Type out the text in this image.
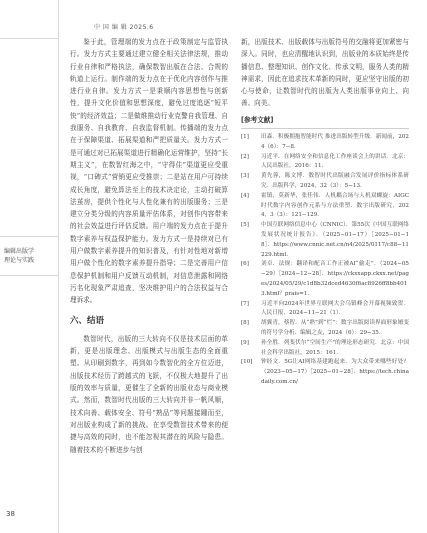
编辑出版学
理论与实践
38
中 国 编 辑 2025.6

鉴于此，管理端的发力点在于政策制定与监管执行。发力方式主要通过建立健全相关法律法规，推动行业自律和严格执法，确保数智出版在合法、合规的轨道上运行。制作端的发力点在于优化内容创作与推进行业自律。发力方式一是秉顺内容思想性与创新性，提升文化价值和思想深度，避免过度追逐“短平快”的经济效益；二是做维推动行业克警自我管理、自我服务、自我教育、自我监督机制。传播端的发力点在于保障渠道、拓展渠道和严把质量关。发力方式一是可通过对已拓展渠道进行精确化运营维护，坚持“长期主义”，在数智红海之中，“守得住”渠道更应受重视，“口碑式”营销更应受推崇；二是站在用户可持续成长角度，避免算法至上的技术决定论，主动打破算法茧房，提供个性化与人性化兼有的出版服务；三是建立分类分级的内容质量评估体系，对创作内容带来的社会效益进行评估反馈。用户端的发力点在于提升数字素养与权益保护能力。发力方式一是持续对已有用户做数字素养提升的知识普及，有针对性地对新增用户做个性化的数字素养提升指导；二是完善用户信息保护机制和用户反馈互动机制，对信息泄露和网络污名化现象严肃追查，坚决维护用户的合法权益与合理诉求。

六、结语

数智时代，出版的三大转向不仅是技术层面的革新，更是出版理念、出版模式与出版生态的全面重塑。从印刷到数字，再到如今数智化的全方位迈进，出版技术经历了跨越式的飞跃，不仅极大地提升了出版的效率与质量，更催生了全新的出版业态与商业模式。然而，数智时代出版的三大转向并非一帆风顺，技术向善、载体安全、符号“熟品”等问题接踵而至，对出版业构成了新的挑战。在享受数智技术带来的便捷与高效的同时，也不能忽视其潜在的风险与隐患。随着技术的不断进步与创

新，出版技术、出版载体与出版符号的交融将更加紧密与深入。同时，也应清醒地认识到，出版业的本质始终是传播信息、整理知识、创作文化、传承文明，服务人类的精神需求，因此在追求技术革新的同时，更应坚守出版的初心与使命，让数智时代的出版为人类出版事业向上、向善、向美。

[参考文献]
[1]	田森．积极拥抱智能时代 推进出版转型升级．新闻前，2024（6）：7−8．
[2]	习近平．在网络安全和信息化工作座谈会上的讲话．北京：人民出版社，2016：11．
[3]	黄先蓉，陈文博．数智时代出版融合发展评价指标体系研究．出版科学，2024，32（3）：5−13．
[4]	霍镇，莫新华，张佳伟．人机耦合场与人机双螺旋：AIGC时代数字内容创作元系与方法重塑．数字出版研究，2024，3（3）：121−129．
[5]	中国互联网络信息中心（CNNIC）．第55次《中国互联网络发展状况统计报告》．（2025−01−17）［2025−01−18］．https://www.cnnic.net.cn/n4/2025/0117/c88−11229.html．
[6]	刘卓．法规：翻译和配音工作正被AI“偷走”．（2024−05−29）［2024−12−28］．https://ckxxapp.ckxx.net/pages/2024/05/29/c1d8b32dced4630f6ac8926ff8bb4013.html？prais=1．
[7]	习近平向2024年世界互联网大会乌镇峰会开幕视频致贺．人民日报，2024−11−21（1）．
[8]	胡翼青，蔡智．从“熟”到“烂”：数字出版阅读界面形象嬗变的符号学分析．编辑之友，2024（6）：29−35．
[9]	孙全胜．列斐伏尔“空间生产”的理论形态研究．北京：中国社会科学出版社，2015：161．
[10]	钟经文．5G让AI网络基建跑起来．为大众带来哪些好处？（2023−05−17）［2025−01−28］．https://tech.chinadaily.com.cn/
